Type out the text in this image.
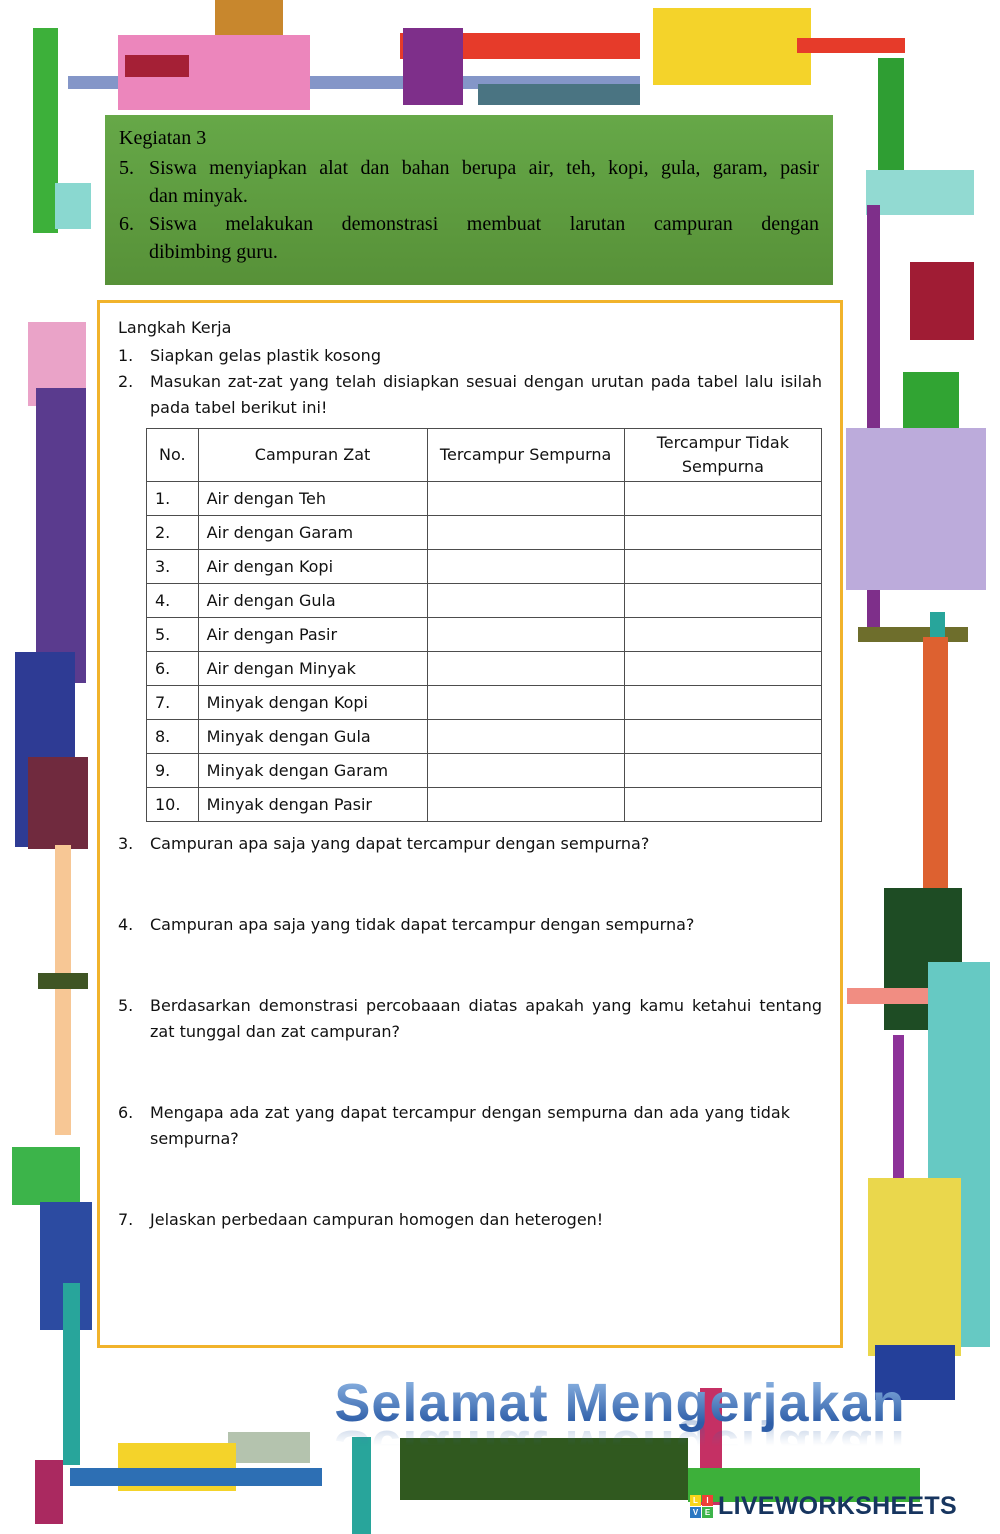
Kegiatan 3
5. Siswa menyiapkan alat dan bahan berupa air, teh, kopi, gula, garam, pasir
dan minyak.
6. Siswa melakukan demonstrasi membuat larutan campuran dengan
dibimbing guru.
Langkah Kerja
1.	Siapkan gelas plastik kosong
2.	Masukan zat-zat yang telah disiapkan sesuai dengan urutan pada tabel lalu isilah pada tabel berikut ini!
No.	Campuran Zat	Tercampur Sempurna	Tercampur Tidak Sempurna
1.	Air dengan Teh		
2.	Air dengan Garam		
3.	Air dengan Kopi		
4.	Air dengan Gula		
5.	Air dengan Pasir		
6.	Air dengan Minyak		
7.	Minyak dengan Kopi		
8.	Minyak dengan Gula		
9.	Minyak dengan Garam		
10.	Minyak dengan Pasir		
3.	Campuran apa saja yang dapat tercampur dengan sempurna?
4.	Campuran apa saja yang tidak dapat tercampur dengan sempurna?
5.	Berdasarkan demonstrasi percobaaan diatas apakah yang kamu ketahui tentang zat tunggal dan zat campuran?
6.	Mengapa ada zat yang dapat tercampur dengan sempurna dan ada yang tidak sempurna?
7.	Jelaskan perbedaan campuran homogen dan heterogen!
Selamat Mengerjakan
L	I
V E LIVEWORKSHEETS
